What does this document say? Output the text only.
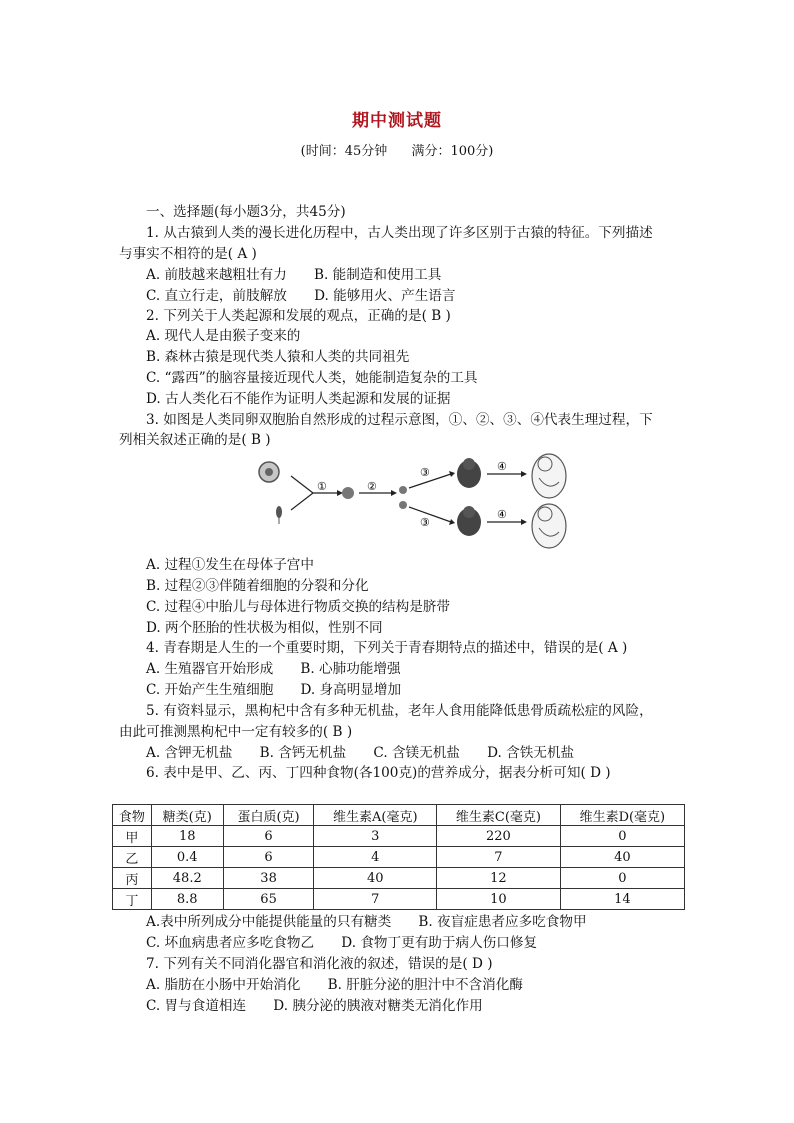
期中测试题
(时间：45分钟 满分：100分)
一、选择题(每小题3分，共45分)
1. 从古猿到人类的漫长进化历程中，古人类出现了许多区别于古猿的特征。下列描述
与事实不相符的是( A )
A. 前肢越来越粗壮有力　　B. 能制造和使用工具
C. 直立行走，前肢解放　　D. 能够用火、产生语言
2. 下列关于人类起源和发展的观点，正确的是( B )
A. 现代人是由猴子变来的
B. 森林古猿是现代类人猿和人类的共同祖先
C. “露西”的脑容量接近现代人类，她能制造复杂的工具
D. 古人类化石不能作为证明人类起源和发展的证据
3. 如图是人类同卵双胞胎自然形成的过程示意图，①、②、③、④代表生理过程，下
列相关叙述正确的是( B )
①	②
③
③
④
④
A. 过程①发生在母体子宫中
B. 过程②③伴随着细胞的分裂和分化
C. 过程④中胎儿与母体进行物质交换的结构是脐带
D. 两个胚胎的性状极为相似，性别不同
4. 青春期是人生的一个重要时期，下列关于青春期特点的描述中，错误的是( A )
A. 生殖器官开始形成　　B. 心肺功能增强
C. 开始产生生殖细胞　　D. 身高明显增加
5. 有资料显示，黑枸杞中含有多种无机盐，老年人食用能降低患骨质疏松症的风险，
由此可推测黑枸杞中一定有较多的( B )
A. 含钾无机盐　　B. 含钙无机盐　　C. 含镁无机盐　　D. 含铁无机盐
6. 表中是甲、乙、丙、丁四种食物(各100克)的营养成分，据表分析可知( D )
食物	糖类(克)	蛋白质(克)	维生素A(毫克)	维生素C(毫克)	维生素D(毫克)
甲	18	6	3	220	0
乙	0.4	6	4	7	40
丙	48.2	38	40	12	0
丁	8.8	65	7	10	14
A.表中所列成分中能提供能量的只有糖类　　B. 夜盲症患者应多吃食物甲
C. 坏血病患者应多吃食物乙　　D. 食物丁更有助于病人伤口修复
7. 下列有关不同消化器官和消化液的叙述，错误的是( D )
A. 脂肪在小肠中开始消化　　B. 肝脏分泌的胆汁中不含消化酶
C. 胃与食道相连　　D. 胰分泌的胰液对糖类无消化作用
